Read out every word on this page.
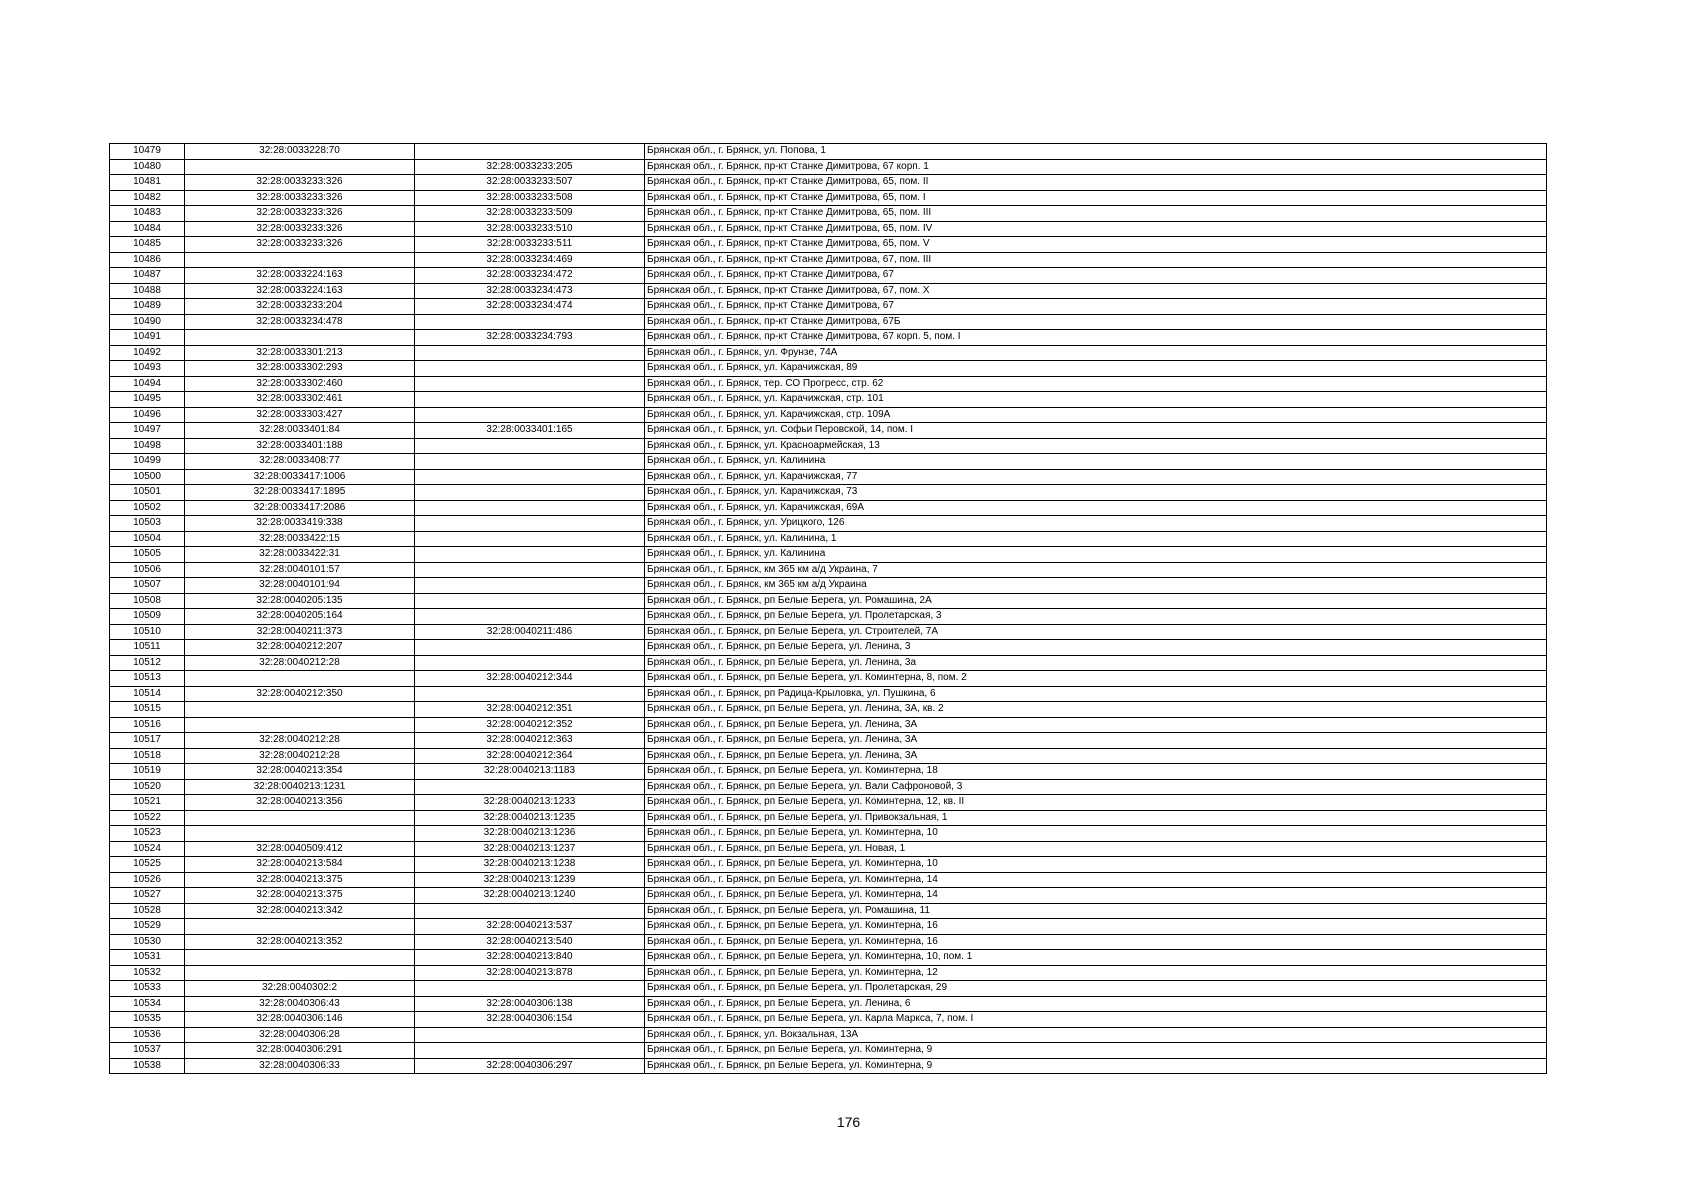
10479	32:28:0033228:70		Брянская обл., г. Брянск, ул. Попова, 1
10480		32:28:0033233:205	Брянская обл., г. Брянск, пр-кт Станке Димитрова, 67 корп. 1
10481	32:28:0033233:326	32:28:0033233:507	Брянская обл., г. Брянск, пр-кт Станке Димитрова, 65, пом. II
10482	32:28:0033233:326	32:28:0033233:508	Брянская обл., г. Брянск, пр-кт Станке Димитрова, 65, пом. I
10483	32:28:0033233:326	32:28:0033233:509	Брянская обл., г. Брянск, пр-кт Станке Димитрова, 65, пом. III
10484	32:28:0033233:326	32:28:0033233:510	Брянская обл., г. Брянск, пр-кт Станке Димитрова, 65, пом. IV
10485	32:28:0033233:326	32:28:0033233:511	Брянская обл., г. Брянск, пр-кт Станке Димитрова, 65, пом. V
10486		32:28:0033234:469	Брянская обл., г. Брянск, пр-кт Станке Димитрова, 67, пом. III
10487	32:28:0033224:163	32:28:0033234:472	Брянская обл., г. Брянск, пр-кт Станке Димитрова, 67
10488	32:28:0033224:163	32:28:0033234:473	Брянская обл., г. Брянск, пр-кт Станке Димитрова, 67, пом. X
10489	32:28:0033233:204	32:28:0033234:474	Брянская обл., г. Брянск, пр-кт Станке Димитрова, 67
10490	32:28:0033234:478		Брянская обл., г. Брянск, пр-кт Станке Димитрова, 67Б
10491		32:28:0033234:793	Брянская обл., г. Брянск, пр-кт Станке Димитрова, 67 корп. 5, пом. I
10492	32:28:0033301:213		Брянская обл., г. Брянск, ул. Фрунзе, 74А
10493	32:28:0033302:293		Брянская обл., г. Брянск, ул. Карачижская, 89
10494	32:28:0033302:460		Брянская обл., г. Брянск, тер. СО Прогресс, стр. 62
10495	32:28:0033302:461		Брянская обл., г. Брянск, ул. Карачижская, стр. 101
10496	32:28:0033303:427		Брянская обл., г. Брянск, ул. Карачижская, стр. 109А
10497	32:28:0033401:84	32:28:0033401:165	Брянская обл., г. Брянск, ул. Софьи Перовской, 14, пом. I
10498	32:28:0033401:188		Брянская обл., г. Брянск, ул. Красноармейская, 13
10499	32:28:0033408:77		Брянская обл., г. Брянск, ул. Калинина
10500	32:28:0033417:1006		Брянская обл., г. Брянск, ул. Карачижская, 77
10501	32:28:0033417:1895		Брянская обл., г. Брянск, ул. Карачижская, 73
10502	32:28:0033417:2086		Брянская обл., г. Брянск, ул. Карачижская, 69А
10503	32:28:0033419:338		Брянская обл., г. Брянск, ул. Урицкого, 126
10504	32:28:0033422:15		Брянская обл., г. Брянск, ул. Калинина, 1
10505	32:28:0033422:31		Брянская обл., г. Брянск, ул. Калинина
10506	32:28:0040101:57		Брянская обл., г. Брянск, км 365 км а/д Украина, 7
10507	32:28:0040101:94		Брянская обл., г. Брянск, км 365 км а/д Украина
10508	32:28:0040205:135		Брянская обл., г. Брянск, рп Белые Берега, ул. Ромашина, 2А
10509	32:28:0040205:164		Брянская обл., г. Брянск, рп Белые Берега, ул. Пролетарская, 3
10510	32:28:0040211:373	32:28:0040211:486	Брянская обл., г. Брянск, рп Белые Берега, ул. Строителей, 7А
10511	32:28:0040212:207		Брянская обл., г. Брянск, рп Белые Берега, ул. Ленина, 3
10512	32:28:0040212:28		Брянская обл., г. Брянск, рп Белые Берега, ул. Ленина, 3а
10513		32:28:0040212:344	Брянская обл., г. Брянск, рп Белые Берега, ул. Коминтерна, 8, пом. 2
10514	32:28:0040212:350		Брянская обл., г. Брянск, рп Радица-Крыловка, ул. Пушкина, 6
10515		32:28:0040212:351	Брянская обл., г. Брянск, рп Белые Берега, ул. Ленина, 3А, кв. 2
10516		32:28:0040212:352	Брянская обл., г. Брянск, рп Белые Берега, ул. Ленина, 3А
10517	32:28:0040212:28	32:28:0040212:363	Брянская обл., г. Брянск, рп Белые Берега, ул. Ленина, 3А
10518	32:28:0040212:28	32:28:0040212:364	Брянская обл., г. Брянск, рп Белые Берега, ул. Ленина, 3А
10519	32:28:0040213:354	32:28:0040213:1183	Брянская обл., г. Брянск, рп Белые Берега, ул. Коминтерна, 18
10520	32:28:0040213:1231		Брянская обл., г. Брянск, рп Белые Берега, ул. Вали Сафроновой, 3
10521	32:28:0040213:356	32:28:0040213:1233	Брянская обл., г. Брянск, рп Белые Берега, ул. Коминтерна, 12, кв. II
10522		32:28:0040213:1235	Брянская обл., г. Брянск, рп Белые Берега, ул. Привокзальная, 1
10523		32:28:0040213:1236	Брянская обл., г. Брянск, рп Белые Берега, ул. Коминтерна, 10
10524	32:28:0040509:412	32:28:0040213:1237	Брянская обл., г. Брянск, рп Белые Берега, ул. Новая, 1
10525	32:28:0040213:584	32:28:0040213:1238	Брянская обл., г. Брянск, рп Белые Берега, ул. Коминтерна, 10
10526	32:28:0040213:375	32:28:0040213:1239	Брянская обл., г. Брянск, рп Белые Берега, ул. Коминтерна, 14
10527	32:28:0040213:375	32:28:0040213:1240	Брянская обл., г. Брянск, рп Белые Берега, ул. Коминтерна, 14
10528	32:28:0040213:342		Брянская обл., г. Брянск, рп Белые Берега, ул. Ромашина, 11
10529		32:28:0040213:537	Брянская обл., г. Брянск, рп Белые Берега, ул. Коминтерна, 16
10530	32:28:0040213:352	32:28:0040213:540	Брянская обл., г. Брянск, рп Белые Берега, ул. Коминтерна, 16
10531		32:28:0040213:840	Брянская обл., г. Брянск, рп Белые Берега, ул. Коминтерна, 10, пом. 1
10532		32:28:0040213:878	Брянская обл., г. Брянск, рп Белые Берега, ул. Коминтерна, 12
10533	32:28:0040302:2		Брянская обл., г. Брянск, рп Белые Берега, ул. Пролетарская, 29
10534	32:28:0040306:43	32:28:0040306:138	Брянская обл., г. Брянск, рп Белые Берега, ул. Ленина, 6
10535	32:28:0040306:146	32:28:0040306:154	Брянская обл., г. Брянск, рп Белые Берега, ул. Карла Маркса, 7, пом. I
10536	32:28:0040306:28		Брянская обл., г. Брянск, ул. Вокзальная, 13А
10537	32:28:0040306:291		Брянская обл., г. Брянск, рп Белые Берега, ул. Коминтерна, 9
10538	32:28:0040306:33	32:28:0040306:297	Брянская обл., г. Брянск, рп Белые Берега, ул. Коминтерна, 9
176
